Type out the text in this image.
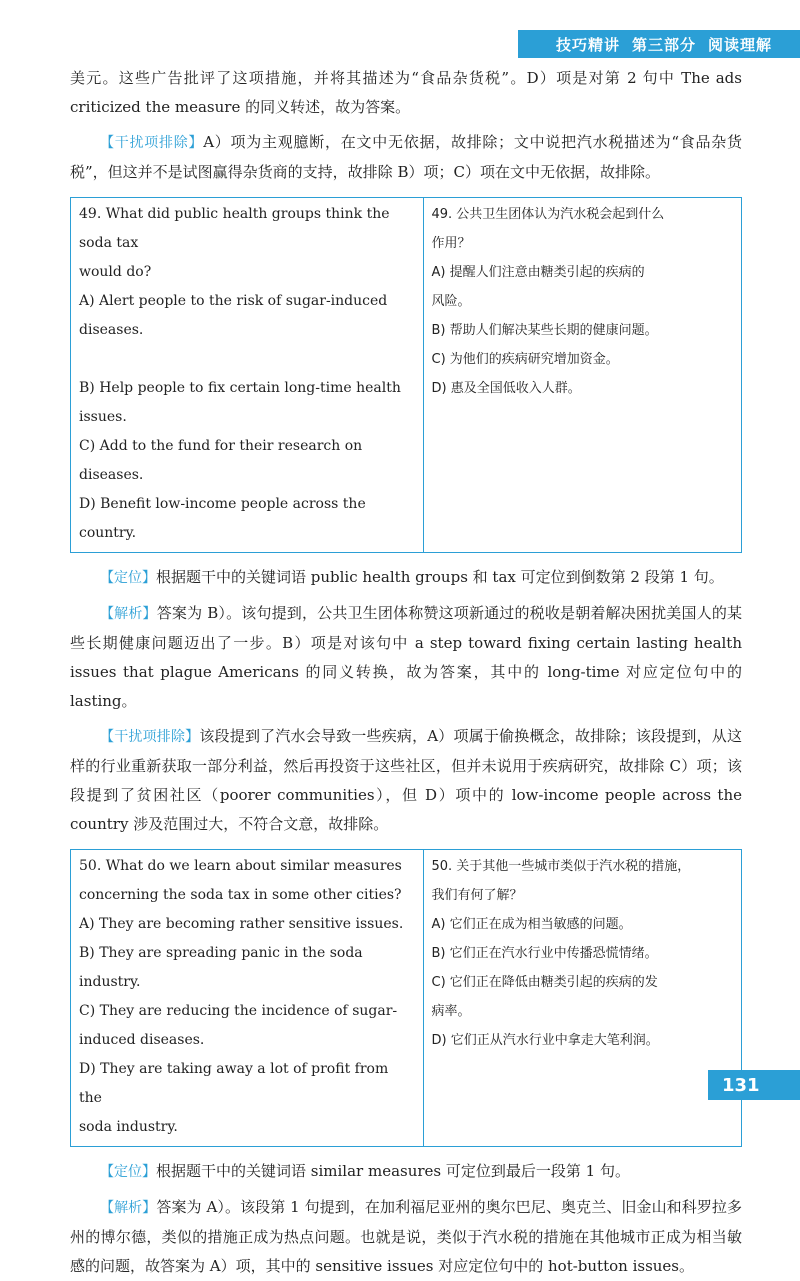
技巧精讲 第三部分 阅读理解

美元。这些广告批评了这项措施，并将其描述为“食品杂货税”。D）项是对第 2 句中 The ads criticized the measure 的同义转述，故为答案。

【干扰项排除】A）项为主观臆断，在文中无依据，故排除；文中说把汽水税描述为“食品杂货税”，但这并不是试图赢得杂货商的支持，故排除 B）项；C）项在文中无依据，故排除。

49. What did public health groups think the soda tax
would do?
A) Alert people to the risk of sugar-induced diseases.
B) Help people to fix certain long-time health issues.
C) Add to the fund for their research on diseases.
D) Benefit low-income people across the country.

49. 公共卫生团体认为汽水税会起到什么
作用？
A) 提醒人们注意由糖类引起的疾病的
风险。
B) 帮助人们解决某些长期的健康问题。
C) 为他们的疾病研究增加资金。
D) 惠及全国低收入人群。

【定位】根据题干中的关键词语 public health groups 和 tax 可定位到倒数第 2 段第 1 句。

【解析】答案为 B）。该句提到，公共卫生团体称赞这项新通过的税收是朝着解决困扰美国人的某些长期健康问题迈出了一步。B）项是对该句中 a step toward fixing certain lasting health issues that plague Americans 的同义转换，故为答案，其中的 long-time 对应定位句中的 lasting。

【干扰项排除】该段提到了汽水会导致一些疾病，A）项属于偷换概念，故排除；该段提到，从这样的行业重新获取一部分利益，然后再投资于这些社区，但并未说用于疾病研究，故排除 C）项；该段提到了贫困社区（poorer communities），但 D）项中的 low-income people across the country 涉及范围过大，不符合文意，故排除。

50. What do we learn about similar measures
concerning the soda tax in some other cities?
A) They are becoming rather sensitive issues.
B) They are spreading panic in the soda industry.
C) They are reducing the incidence of sugar-
induced diseases.
D) They are taking away a lot of profit from the
soda industry.

50. 关于其他一些城市类似于汽水税的措施，
我们有何了解？
A) 它们正在成为相当敏感的问题。
B) 它们正在汽水行业中传播恐慌情绪。
C) 它们正在降低由糖类引起的疾病的发
病率。
D) 它们正从汽水行业中拿走大笔利润。

【定位】根据题干中的关键词语 similar measures 可定位到最后一段第 1 句。

【解析】答案为 A）。该段第 1 句提到，在加利福尼亚州的奥尔巴尼、奥克兰、旧金山和科罗拉多州的博尔德，类似的措施正成为热点问题。也就是说，类似于汽水税的措施在其他城市正成为相当敏感的问题，故答案为 A）项，其中的 sensitive issues 对应定位句中的 hot-button issues。

131
